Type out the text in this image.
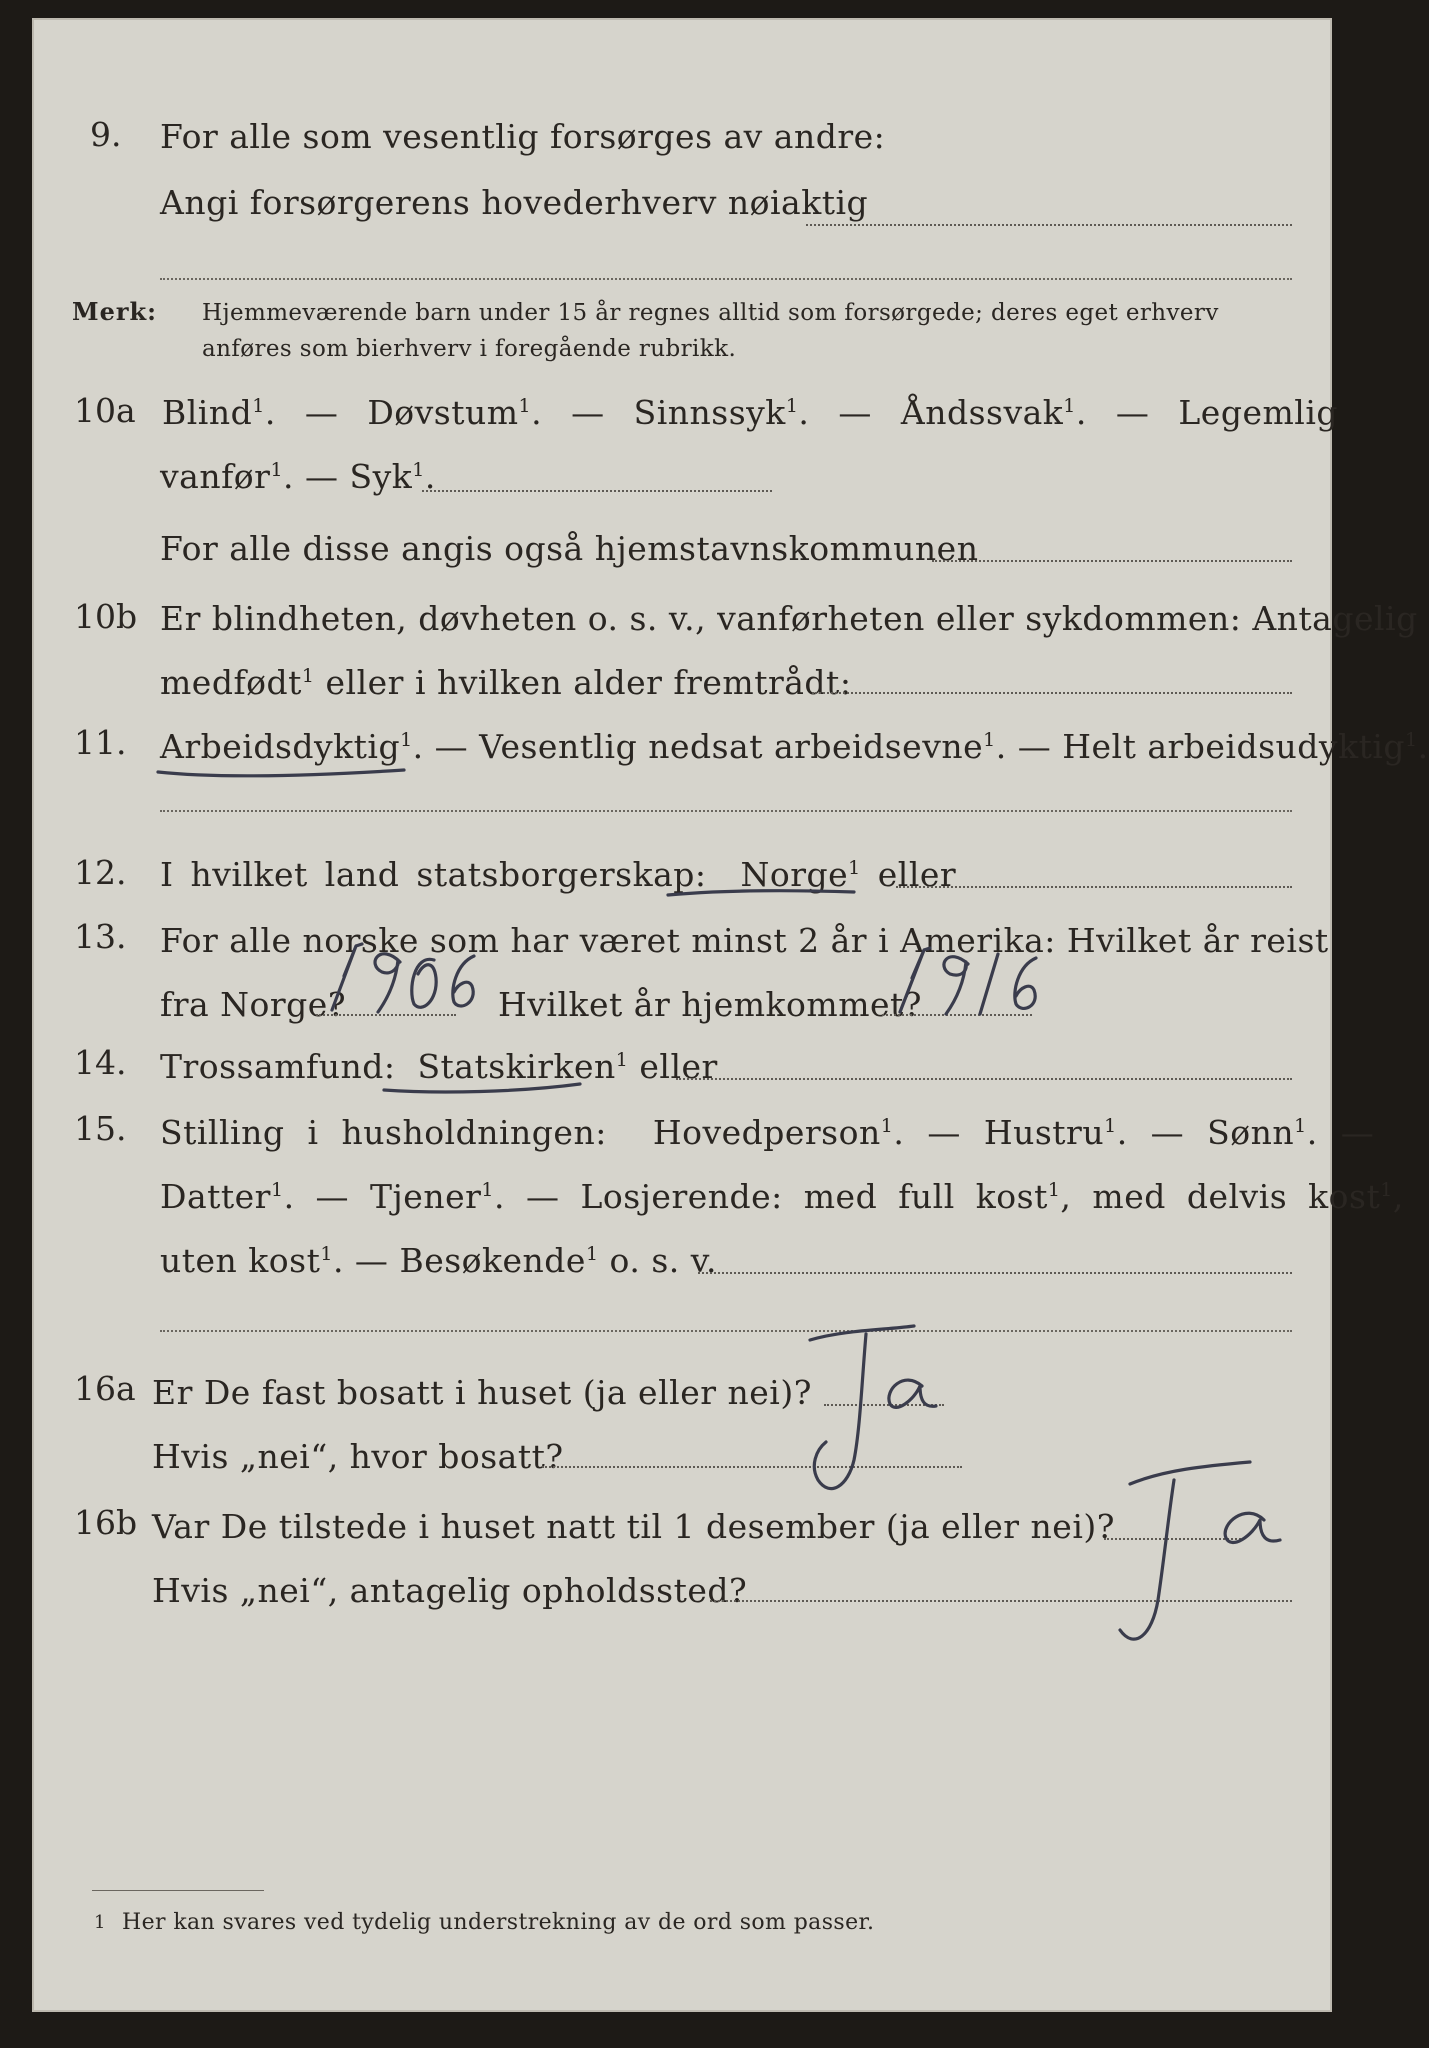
9. For alle som vesentlig forsørges av andre:
Angi forsørgerens hovederhverv nøiaktig
Merk: Hjemmeværende barn under 15 år regnes alltid som forsørgede; deres eget erhverv
anføres som bierhverv i foregående rubrikk.
10a Blind$^1$. — Døvstum$^1$. — Sinnssyk$^1$. — Åndssvak$^1$. — Legemlig
vanfør$^1$. — Syk$^1$.
For alle disse angis også hjemstavnskommunen
10b Er blindheten, døvheten o. s. v., vanførheten eller sykdommen: Antagelig
medfødt$^1$ eller i hvilken alder fremtrådt:
11. Arbeidsdyktig$^1$. — Vesentlig nedsat arbeidsevne$^1$. — Helt arbeidsudyktig$^1$.
12. I hvilket land statsborgerskap: Norge$^1$ eller
13. For alle norske som har været minst 2 år i Amerika: Hvilket år reist
fra Norge?	Hvilket år hjemkommet?
14. Trossamfund: Statskirken$^1$ eller
15. Stilling i husholdningen: Hovedperson$^1$. — Hustru$^1$. — Sønn$^1$. —
Datter$^1$. — Tjener$^1$. — Losjerende: med full kost$^1$, med delvis kost$^1$,
uten kost$^1$. — Besøkende$^1$ o. s. v.
16a Er De fast bosatt i huset (ja eller nei)?
Hvis „nei“, hvor bosatt?
16b Var De tilstede i huset natt til 1 desember (ja eller nei)?
Hvis „nei“, antagelig opholdssted?
1 Her kan svares ved tydelig understrekning av de ord som passer.
